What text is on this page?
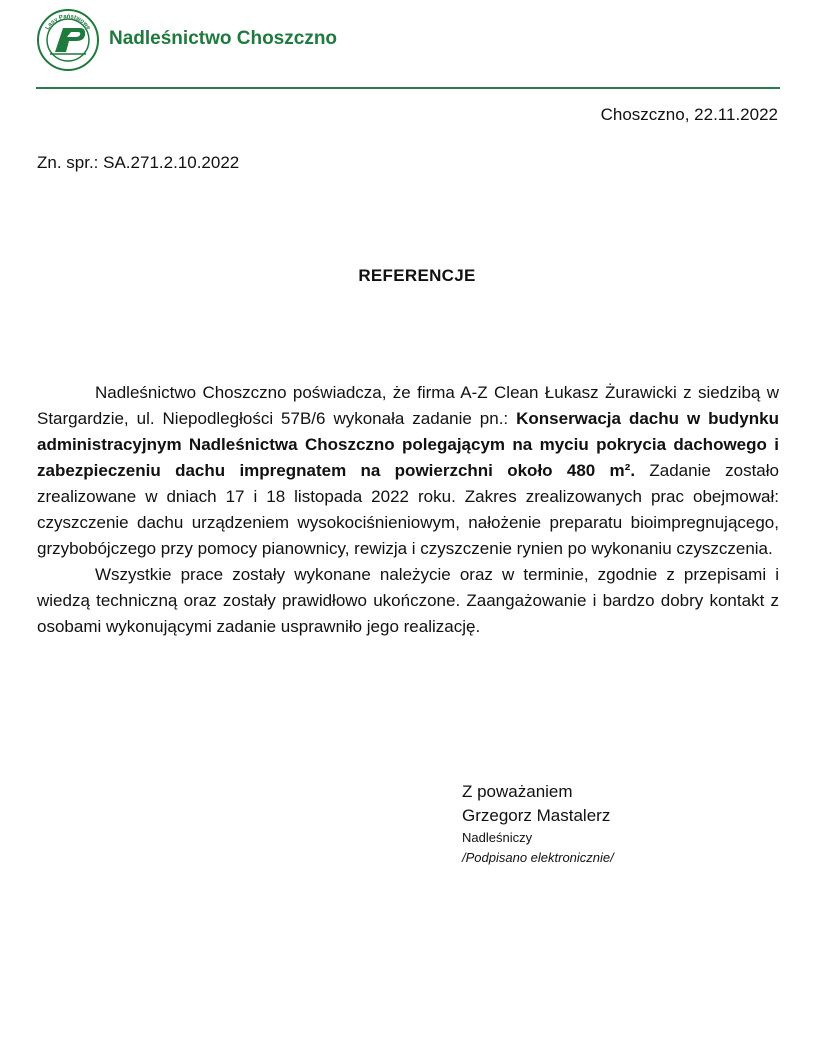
Lasy Państwowe Nadleśnictwo Choszczno
Choszczno, 22.11.2022
Zn. spr.: SA.271.2.10.2022
REFERENCJE

Nadleśnictwo Choszczno poświadcza, że firma A-Z Clean Łukasz Żurawicki z siedzibą w Stargardzie, ul. Niepodległości 57B/6 wykonała zadanie pn.: Konserwacja dachu w budynku administracyjnym Nadleśnictwa Choszczno polegającym na myciu pokrycia dachowego i zabezpieczeniu dachu impregnatem na powierzchni około 480 m². Zadanie zostało zrealizowane w dniach 17 i 18 listopada 2022 roku. Zakres zrealizowanych prac obejmował: czyszczenie dachu urządzeniem wysokociśnieniowym, nałożenie preparatu bioimpregnującego, grzybobójczego przy pomocy pianownicy, rewizja i czyszczenie rynien po wykonaniu czyszczenia.

Wszystkie prace zostały wykonane należycie oraz w terminie, zgodnie z przepisami i wiedzą techniczną oraz zostały prawidłowo ukończone. Zaangażowanie i bardzo dobry kontakt z osobami wykonującymi zadanie usprawniło jego realizację.

Z poważaniem
Grzegorz Mastalerz
Nadleśniczy
/Podpisano elektronicznie/
